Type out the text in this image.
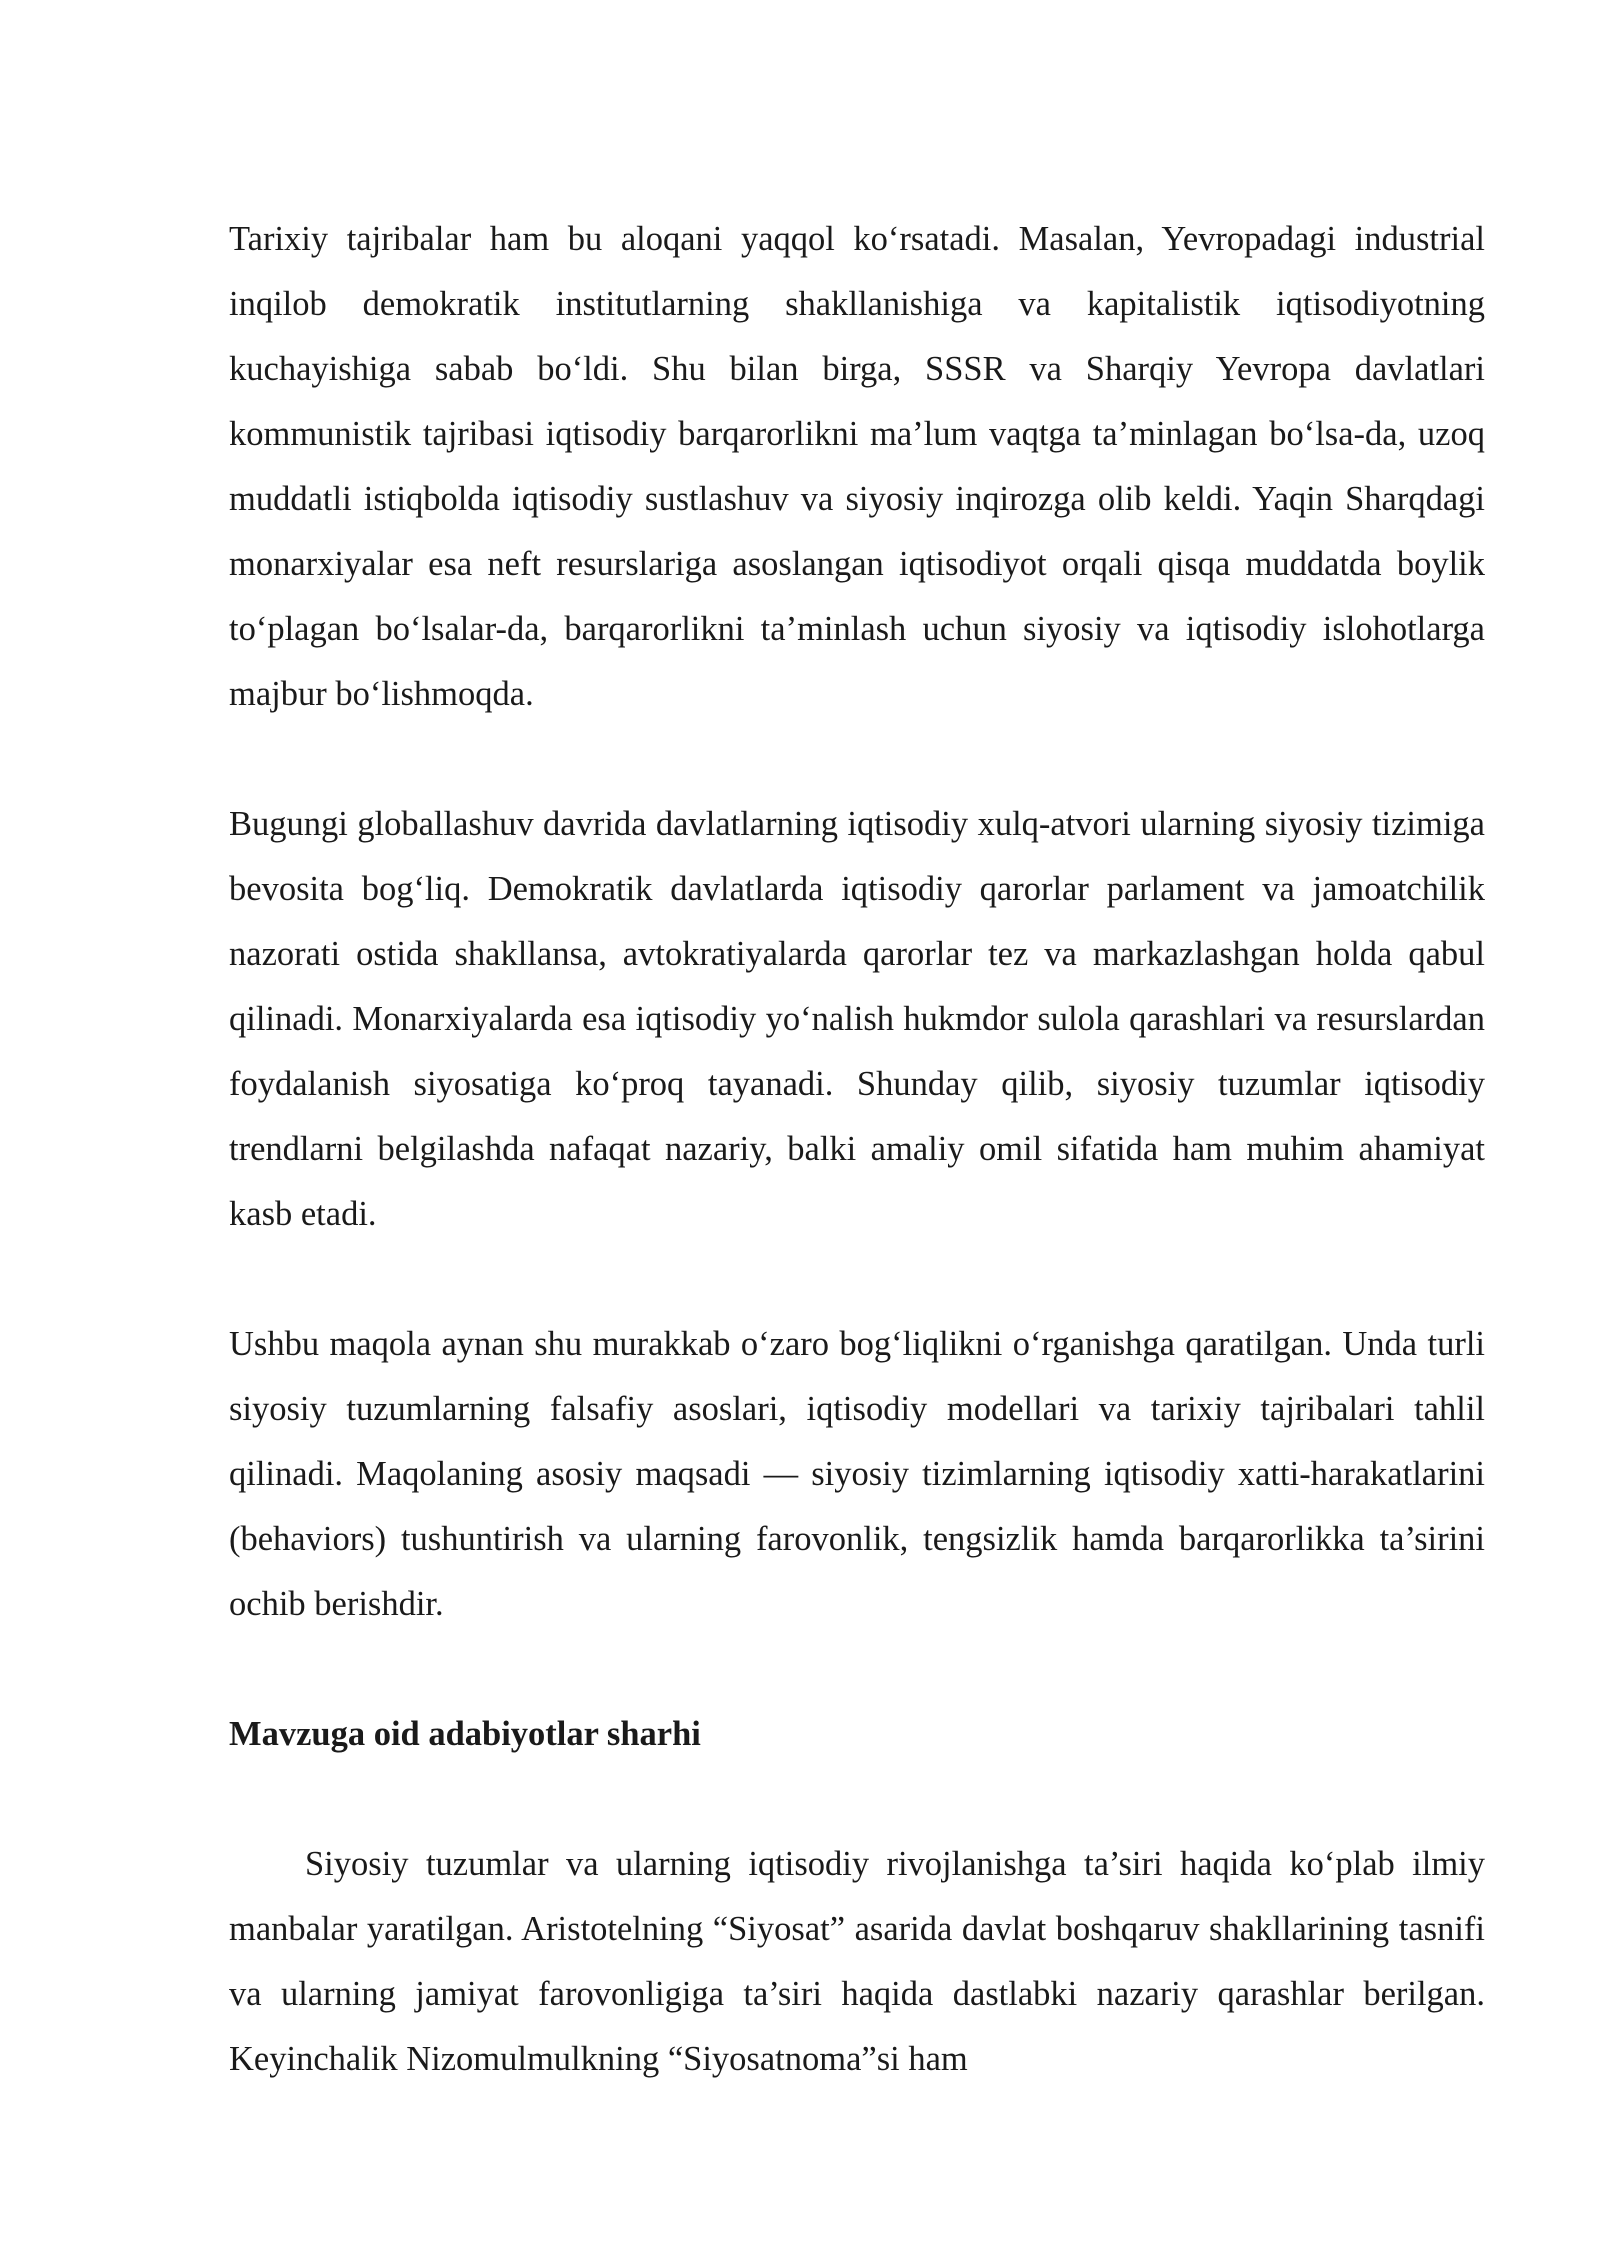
Tarixiy tajribalar ham bu aloqani yaqqol koʻrsatadi. Masalan, Yevropadagi industrial inqilob demokratik institutlarning shakllanishiga va kapitalistik iqtisodiyotning kuchayishiga sabab boʻldi. Shu bilan birga, SSSR va Sharqiy Yevropa davlatlari kommunistik tajribasi iqtisodiy barqarorlikni ma’lum vaqtga ta’minlagan boʻlsa-da, uzoq muddatli istiqbolda iqtisodiy sustlashuv va siyosiy inqirozga olib keldi. Yaqin Sharqdagi monarxiyalar esa neft resurslariga asoslangan iqtisodiyot orqali qisqa muddatda boylik toʻplagan boʻlsalar-da, barqarorlikni ta’minlash uchun siyosiy va iqtisodiy islohotlarga majbur boʻlishmoqda.

Bugungi globallashuv davrida davlatlarning iqtisodiy xulq-atvori ularning siyosiy tizimiga bevosita bogʻliq. Demokratik davlatlarda iqtisodiy qarorlar parlament va jamoatchilik nazorati ostida shakllansa, avtokratiyalarda qarorlar tez va markazlashgan holda qabul qilinadi. Monarxiyalarda esa iqtisodiy yoʻnalish hukmdor sulola qarashlari va resurslardan foydalanish siyosatiga koʻproq tayanadi. Shunday qilib, siyosiy tuzumlar iqtisodiy trendlarni belgilashda nafaqat nazariy, balki amaliy omil sifatida ham muhim ahamiyat kasb etadi.

Ushbu maqola aynan shu murakkab oʻzaro bogʻliqlikni oʻrganishga qaratilgan. Unda turli siyosiy tuzumlarning falsafiy asoslari, iqtisodiy modellari va tarixiy tajribalari tahlil qilinadi. Maqolaning asosiy maqsadi — siyosiy tizimlarning iqtisodiy xatti-harakatlarini (behaviors) tushuntirish va ularning farovonlik, tengsizlik hamda barqarorlikka ta’sirini ochib berishdir.

Mavzuga oid adabiyotlar sharhi

Siyosiy tuzumlar va ularning iqtisodiy rivojlanishga ta’siri haqida koʻplab ilmiy manbalar yaratilgan. Aristotelning “Siyosat” asarida davlat boshqaruv shakllarining tasnifi va ularning jamiyat farovonligiga ta’siri haqida dastlabki nazariy qarashlar berilgan. Keyinchalik Nizomulmulkning “Siyosatnoma”si ham
